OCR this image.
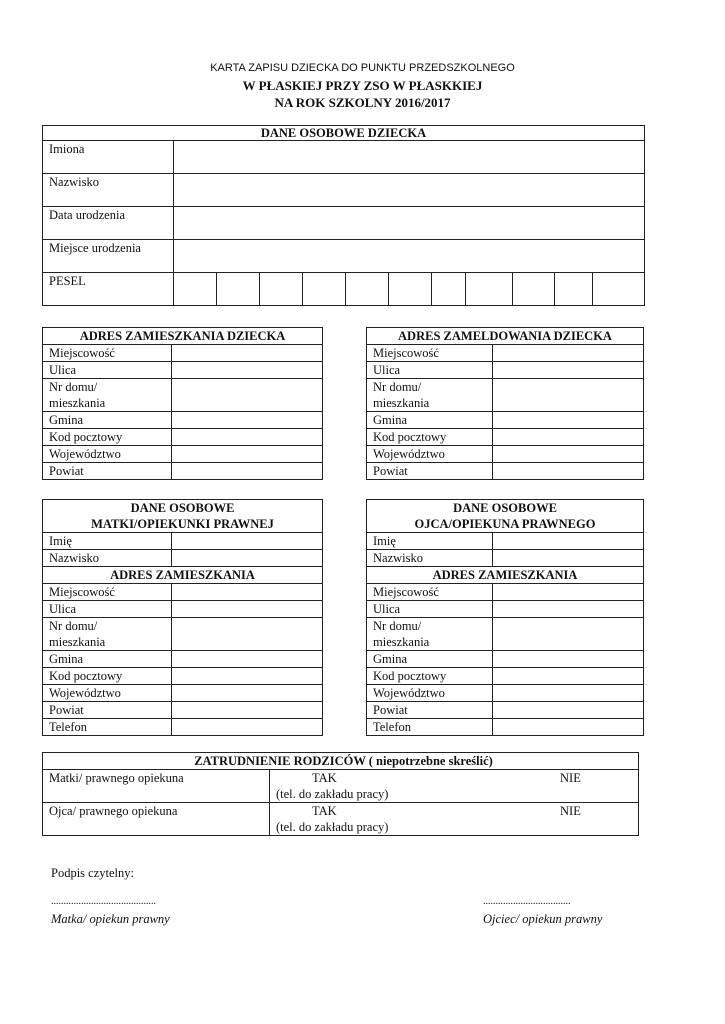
KARTA ZAPISU DZIECKA DO PUNKTU PRZEDSZKOLNEGO
W PŁASKIEJ PRZY ZSO W PŁASKKIEJ
NA ROK SZKOLNY 2016/2017
DANE OSOBOWE DZIECKA											
Imiona											
Nazwisko											
Data urodzenia											
Miejsce urodzenia											
PESEL											
ADRES ZAMIESZKANIA DZIECKA	
Miejscowość	
Ulica	
Nr domu/
mieszkania	
Gmina	
Kod pocztowy	
Województwo	
Powiat	
ADRES ZAMELDOWANIA DZIECKA	
Miejscowość	
Ulica	
Nr domu/
mieszkania	
Gmina	
Kod pocztowy	
Województwo	
Powiat	
DANE OSOBOWE
MATKI/OPIEKUNKI PRAWNEJ	
Imię	
Nazwisko	
ADRES ZAMIESZKANIA	
Miejscowość	
Ulica	
Nr domu/
mieszkania	
Gmina	
Kod pocztowy	
Województwo	
Powiat	
Telefon	
DANE OSOBOWE
OJCA/OPIEKUNA PRAWNEGO	
Imię	
Nazwisko	
ADRES ZAMIESZKANIA	
Miejscowość	
Ulica	
Nr domu/
mieszkania	
Gmina	
Kod pocztowy	
Województwo	
Powiat	
Telefon	
ZATRUDNIENIE RODZICÓW ( niepotrzebne skreślić)	
Matki/ prawnego opiekuna	TAK NIE
(tel. do zakładu pracy)

Ojca/ prawnego opiekuna	TAK NIE
(tel. do zakładu pracy)
Podpis czytelny:
..........................................
Matka/ opiekun prawny
...................................
Ojciec/ opiekun prawny
